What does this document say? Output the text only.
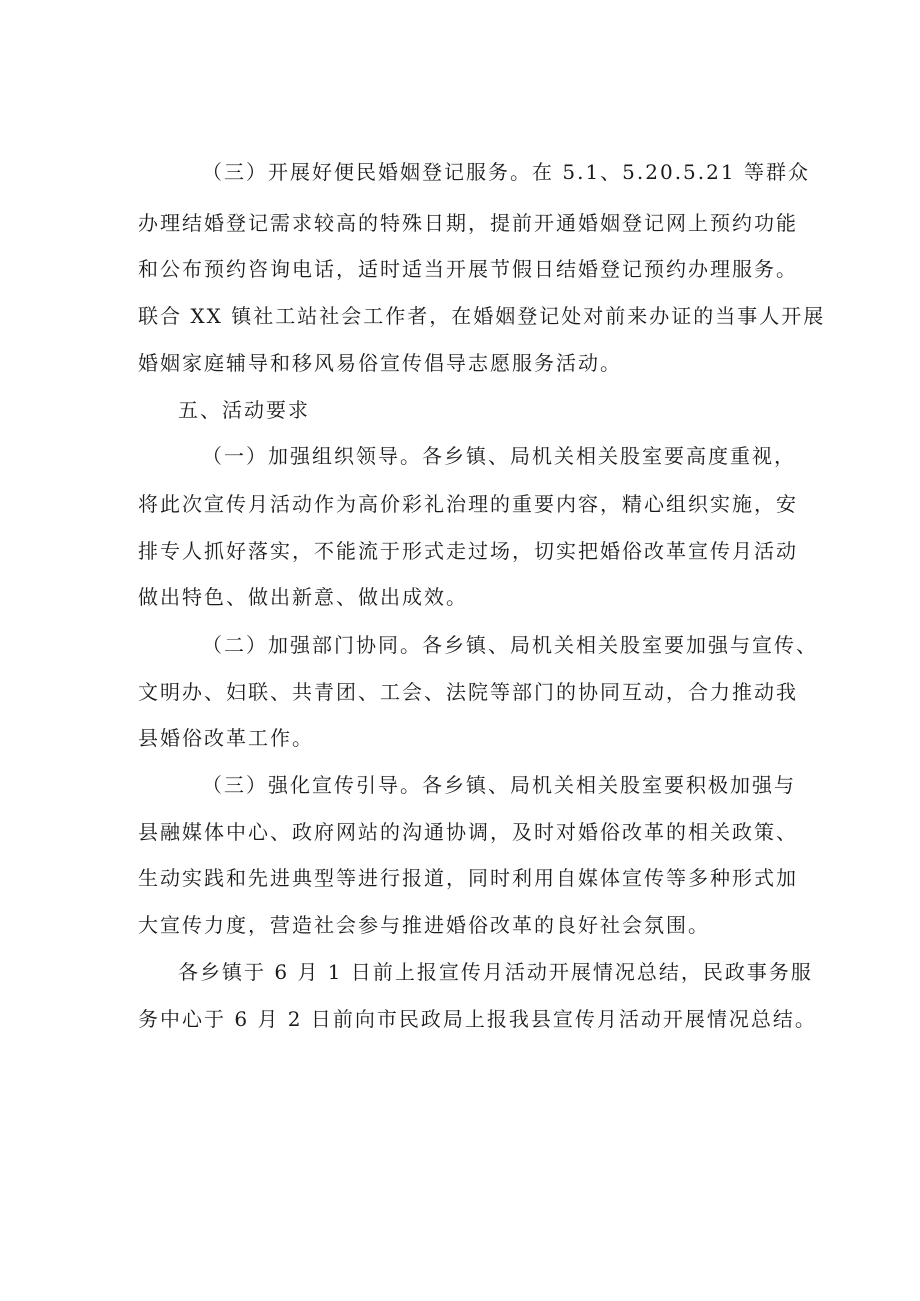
（三）开展好便民婚姻登记服务。在 5.1、5.20.5.21 等群众
办理结婚登记需求较高的特殊日期，提前开通婚姻登记网上预约功能
和公布预约咨询电话，适时适当开展节假日结婚登记预约办理服务。
联合 XX 镇社工站社会工作者，在婚姻登记处对前来办证的当事人开展
婚姻家庭辅导和移风易俗宣传倡导志愿服务活动。
五、活动要求
（一）加强组织领导。各乡镇、局机关相关股室要高度重视，
将此次宣传月活动作为高价彩礼治理的重要内容，精心组织实施，安
排专人抓好落实，不能流于形式走过场，切实把婚俗改革宣传月活动
做出特色、做出新意、做出成效。
（二）加强部门协同。各乡镇、局机关相关股室要加强与宣传、
文明办、妇联、共青团、工会、法院等部门的协同互动，合力推动我
县婚俗改革工作。
（三）强化宣传引导。各乡镇、局机关相关股室要积极加强与
县融媒体中心、政府网站的沟通协调，及时对婚俗改革的相关政策、
生动实践和先进典型等进行报道，同时利用自媒体宣传等多种形式加
大宣传力度，营造社会参与推进婚俗改革的良好社会氛围。
各乡镇于 6 月 1 日前上报宣传月活动开展情况总结，民政事务服
务中心于 6 月 2 日前向市民政局上报我县宣传月活动开展情况总结。
